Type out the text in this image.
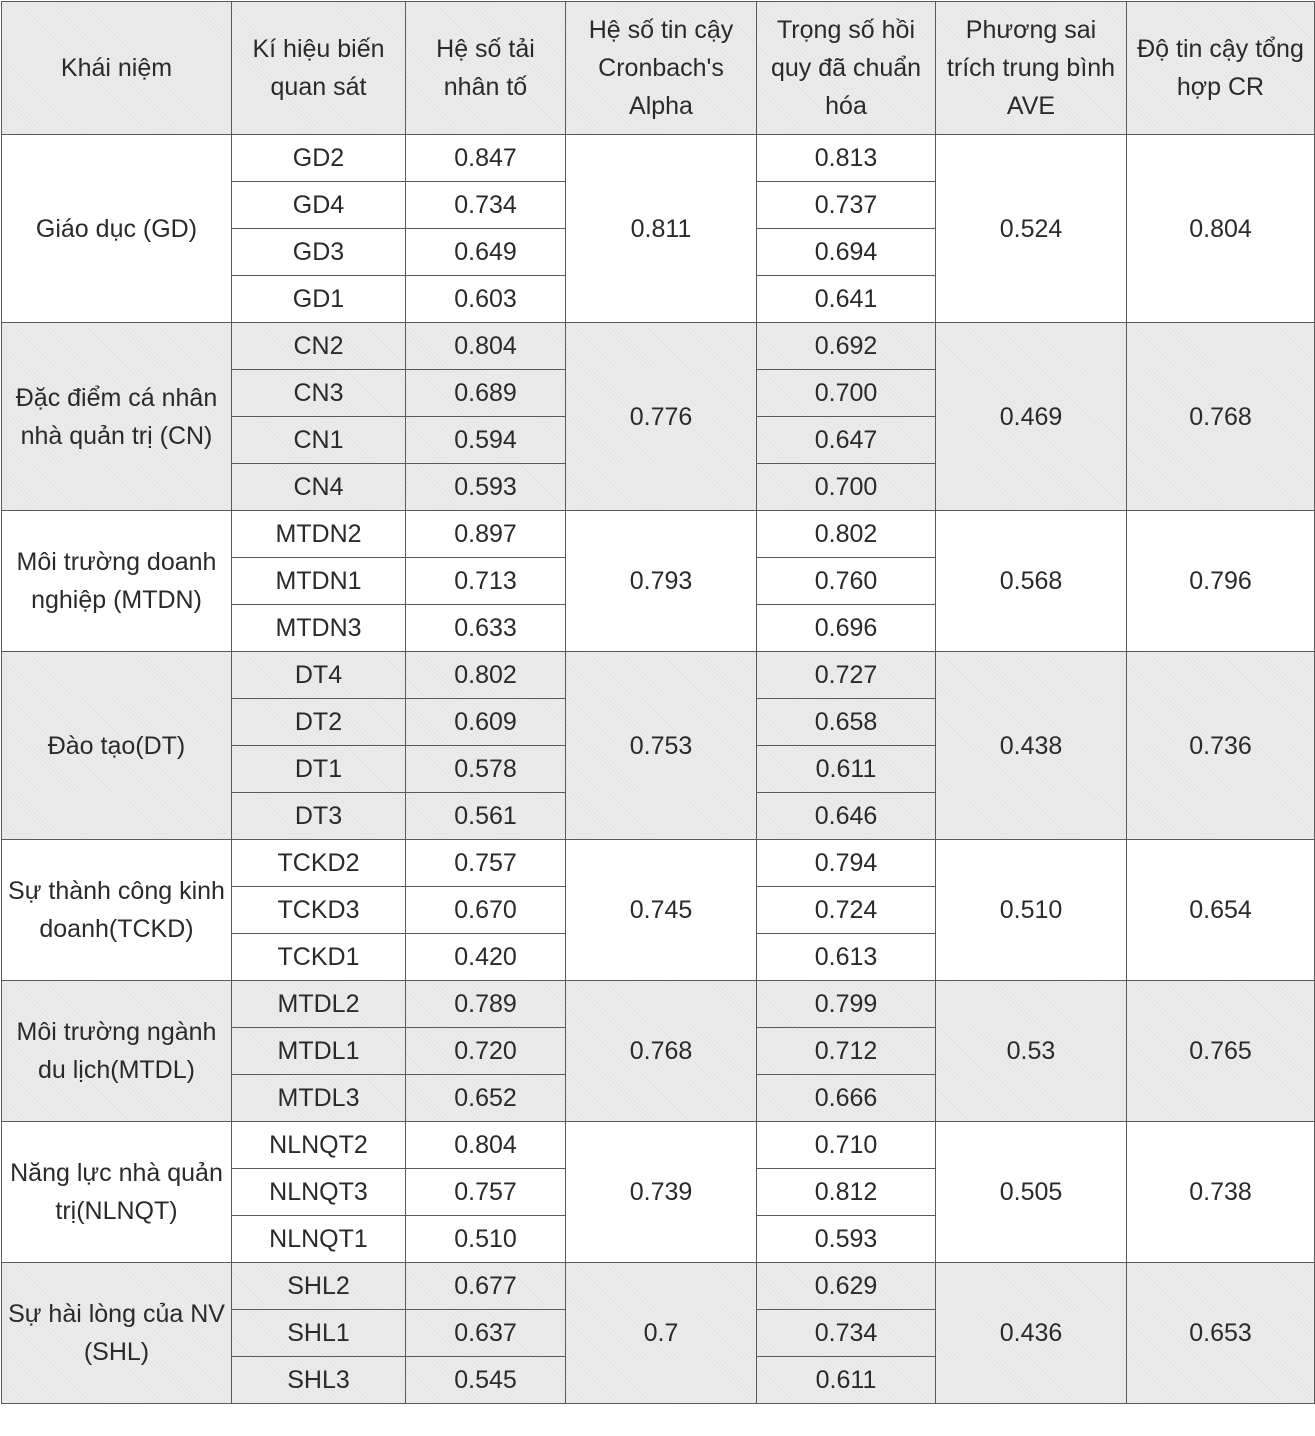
Khái niệm	Kí hiệu biến quan sát	Hệ số tải nhân tố	Hệ số tin cậy Cronbach's Alpha	Trọng số hồi quy đã chuẩn hóa	Phương sai trích trung bình AVE	Độ tin cậy tổng hợp CR
Giáo dục (GD)	GD2	0.847	0.811	0.813	0.524	0.804
	GD4	0.734		0.737		
	GD3	0.649		0.694		
	GD1	0.603		0.641		
Đặc điểm cá nhân nhà quản trị (CN)	CN2	0.804	0.776	0.692	0.469	0.768
	CN3	0.689		0.700		
	CN1	0.594		0.647		
	CN4	0.593		0.700		
Môi trường doanh nghiệp (MTDN)	MTDN2	0.897	0.793	0.802	0.568	0.796
	MTDN1	0.713		0.760		
	MTDN3	0.633		0.696		
Đào tạo(DT)	DT4	0.802	0.753	0.727	0.438	0.736
	DT2	0.609		0.658		
	DT1	0.578		0.611		
	DT3	0.561		0.646		
Sự thành công kinh doanh(TCKD)	TCKD2	0.757	0.745	0.794	0.510	0.654
	TCKD3	0.670		0.724		
	TCKD1	0.420		0.613		
Môi trường ngành du lịch(MTDL)	MTDL2	0.789	0.768	0.799	0.53	0.765
	MTDL1	0.720		0.712		
	MTDL3	0.652		0.666		
Năng lực nhà quản trị(NLNQT)	NLNQT2	0.804	0.739	0.710	0.505	0.738
	NLNQT3	0.757		0.812		
	NLNQT1	0.510		0.593		
Sự hài lòng của NV (SHL)	SHL2	0.677	0.7	0.629	0.436	0.653
	SHL1	0.637		0.734		
	SHL3	0.545		0.611		
